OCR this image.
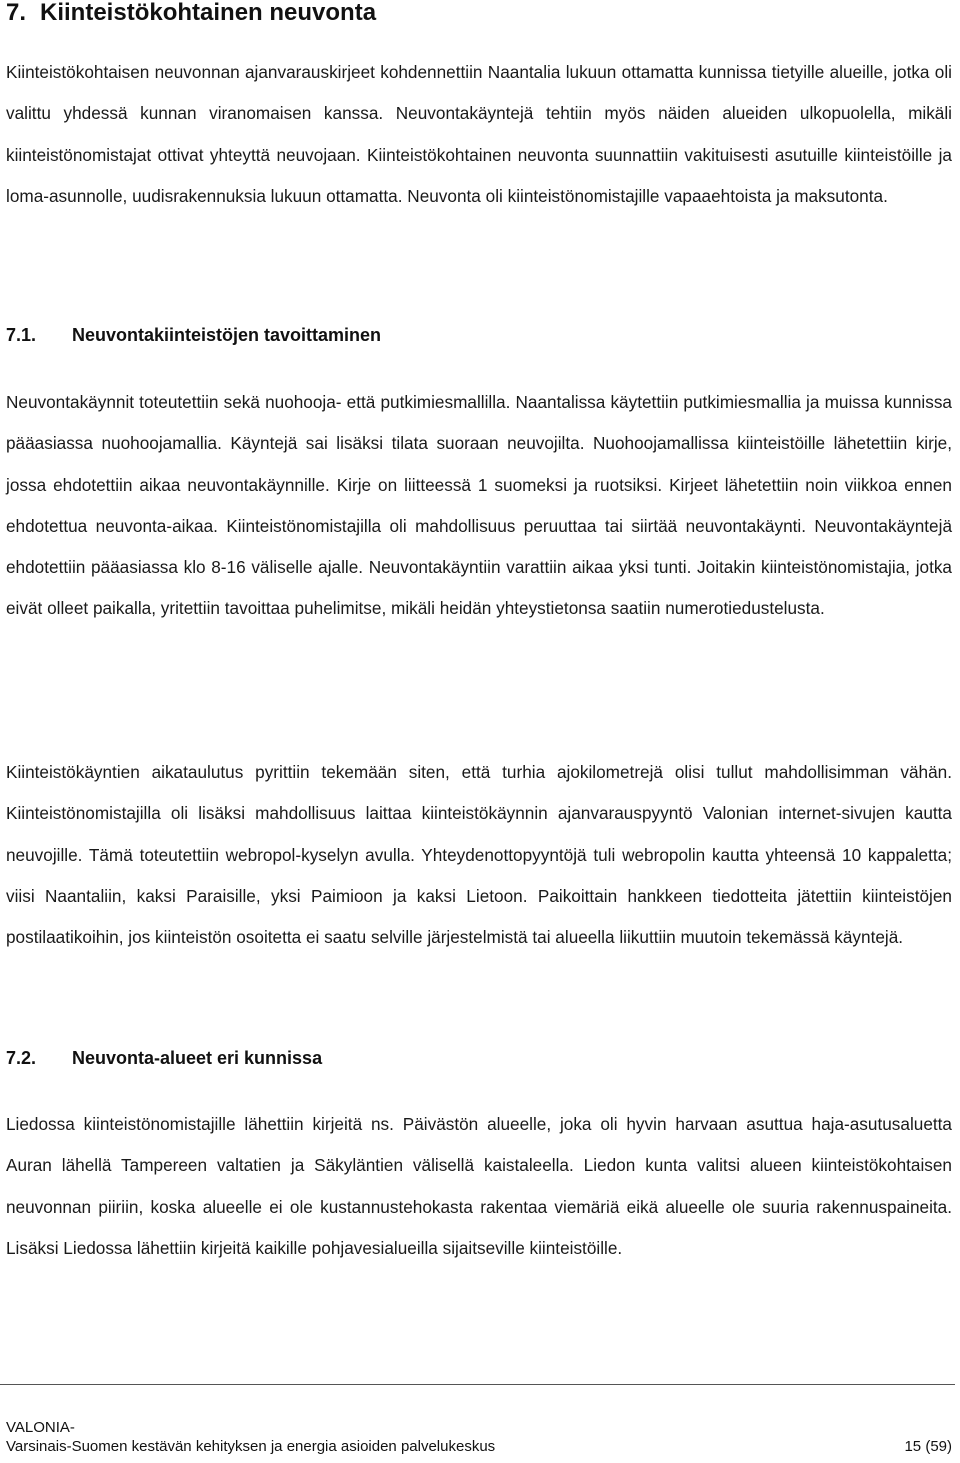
7. Kiinteistökohtainen neuvonta

Kiinteistökohtaisen neuvonnan ajanvarauskirjeet kohdennettiin Naantalia lukuun ottamatta kunnissa tietyille alueille, jotka oli valittu yhdessä kunnan viranomaisen kanssa. Neuvontakäyntejä tehtiin myös näiden alueiden ulkopuolella, mikäli kiinteistönomistajat ottivat yhteyttä neuvojaan. Kiinteistökohtainen neuvonta suunnattiin vakituisesti asutuille kiinteistöille ja loma-asunnolle, uudisrakennuksia lukuun ottamatta. Neuvonta oli kiinteistönomistajille vapaaehtoista ja maksutonta.

7.1.	Neuvontakiinteistöjen tavoittaminen

Neuvontakäynnit toteutettiin sekä nuohooja- että putkimiesmallilla. Naantalissa käytettiin putkimiesmallia ja muissa kunnissa pääasiassa nuohoojamallia. Käyntejä sai lisäksi tilata suoraan neuvojilta. Nuohoojamallissa kiinteistöille lähetettiin kirje, jossa ehdotettiin aikaa neuvontakäynnille. Kirje on liitteessä 1 suomeksi ja ruotsiksi. Kirjeet lähetettiin noin viikkoa ennen ehdotettua neuvonta-aikaa. Kiinteistönomistajilla oli mahdollisuus peruuttaa tai siirtää neuvontakäynti. Neuvontakäyntejä ehdotettiin pääasiassa klo 8-16 väliselle ajalle. Neuvontakäyntiin varattiin aikaa yksi tunti. Joitakin kiinteistönomistajia, jotka eivät olleet paikalla, yritettiin tavoittaa puhelimitse, mikäli heidän yhteystietonsa saatiin numerotiedustelusta.

Kiinteistökäyntien aikataulutus pyrittiin tekemään siten, että turhia ajokilometrejä olisi tullut mahdollisimman vähän. Kiinteistönomistajilla oli lisäksi mahdollisuus laittaa kiinteistökäynnin ajanvarauspyyntö Valonian internet-sivujen kautta neuvojille. Tämä toteutettiin webropol-kyselyn avulla. Yhteydenottopyyntöjä tuli webropolin kautta yhteensä 10 kappaletta; viisi Naantaliin, kaksi Paraisille, yksi Paimioon ja kaksi Lietoon. Paikoittain hankkeen tiedotteita jätettiin kiinteistöjen postilaatikoihin, jos kiinteistön osoitetta ei saatu selville järjestelmistä tai alueella liikuttiin muutoin tekemässä käyntejä.

7.2.	Neuvonta-alueet eri kunnissa

Liedossa kiinteistönomistajille lähettiin kirjeitä ns. Päivästön alueelle, joka oli hyvin harvaan asuttua haja-asutusaluetta Auran lähellä Tampereen valtatien ja Säkyläntien välisellä kaistaleella. Liedon kunta valitsi alueen kiinteistökohtaisen neuvonnan piiriin, koska alueelle ei ole kustannustehokasta rakentaa viemäriä eikä alueelle ole suuria rakennuspaineita. Lisäksi Liedossa lähettiin kirjeitä kaikille pohjavesialueilla sijaitseville kiinteistöille.

VALONIA-
Varsinais-Suomen kestävän kehityksen ja energia asioiden palvelukeskus	15 (59)
